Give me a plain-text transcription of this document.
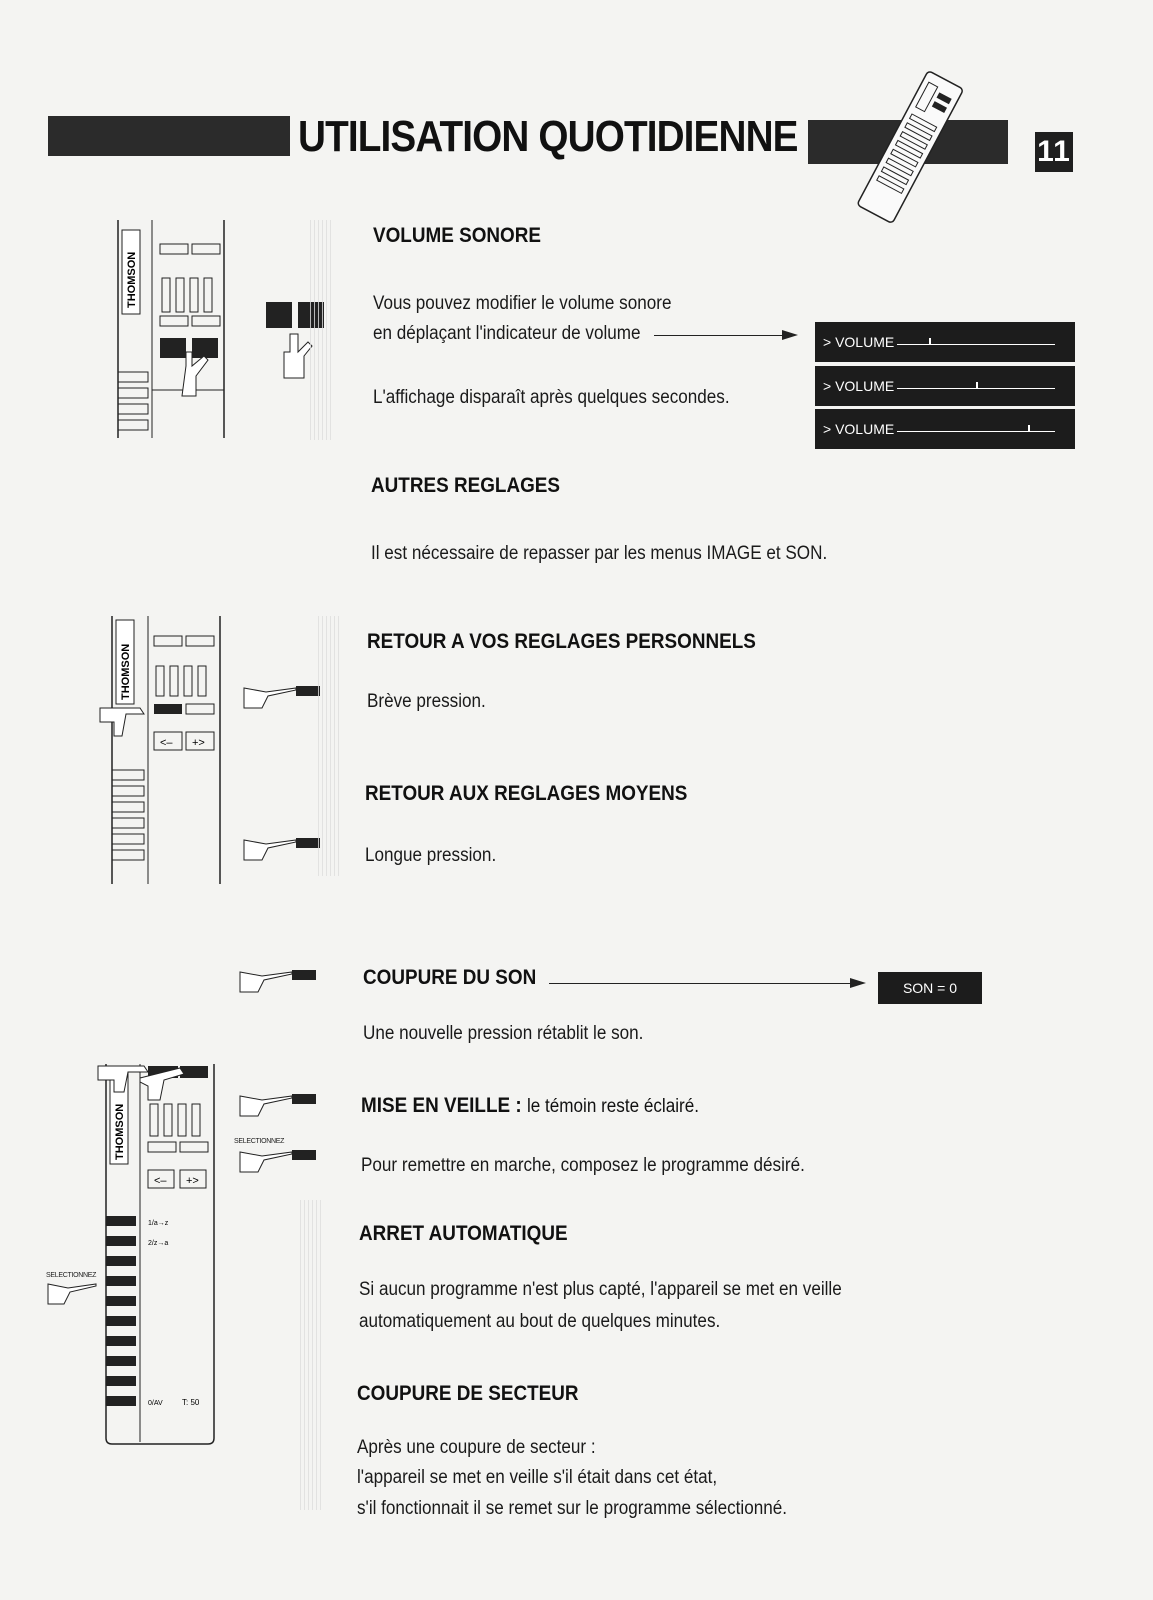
UTILISATION QUOTIDIENNE	11
THOMSON
VOLUME SONORE
Vous pouvez modifier le volume sonore
en déplaçant l'indicateur de volume
L'affichage disparaît après quelques secondes.
> VOLUME
> VOLUME
> VOLUME
AUTRES REGLAGES
Il est nécessaire de repasser par les menus IMAGE et SON.
THOMSON
<– +>
RETOUR A VOS REGLAGES PERSONNELS
Brève pression.
RETOUR AUX REGLAGES MOYENS
Longue pression.
COUPURE DU SON	SON = 0
Une nouvelle pression rétablit le son.
THOMSON
<– +>
1/a→z
2/z→a
0/AV T: 50
SELECTIONNEZ
SELECTIONNEZ
MISE EN VEILLE : le témoin reste éclairé.
Pour remettre en marche, composez le programme désiré.
ARRET AUTOMATIQUE
Si aucun programme n'est plus capté, l'appareil se met en veille
automatiquement au bout de quelques minutes.
COUPURE DE SECTEUR
Après une coupure de secteur :
l'appareil se met en veille s'il était dans cet état,
s'il fonctionnait il se remet sur le programme sélectionné.
